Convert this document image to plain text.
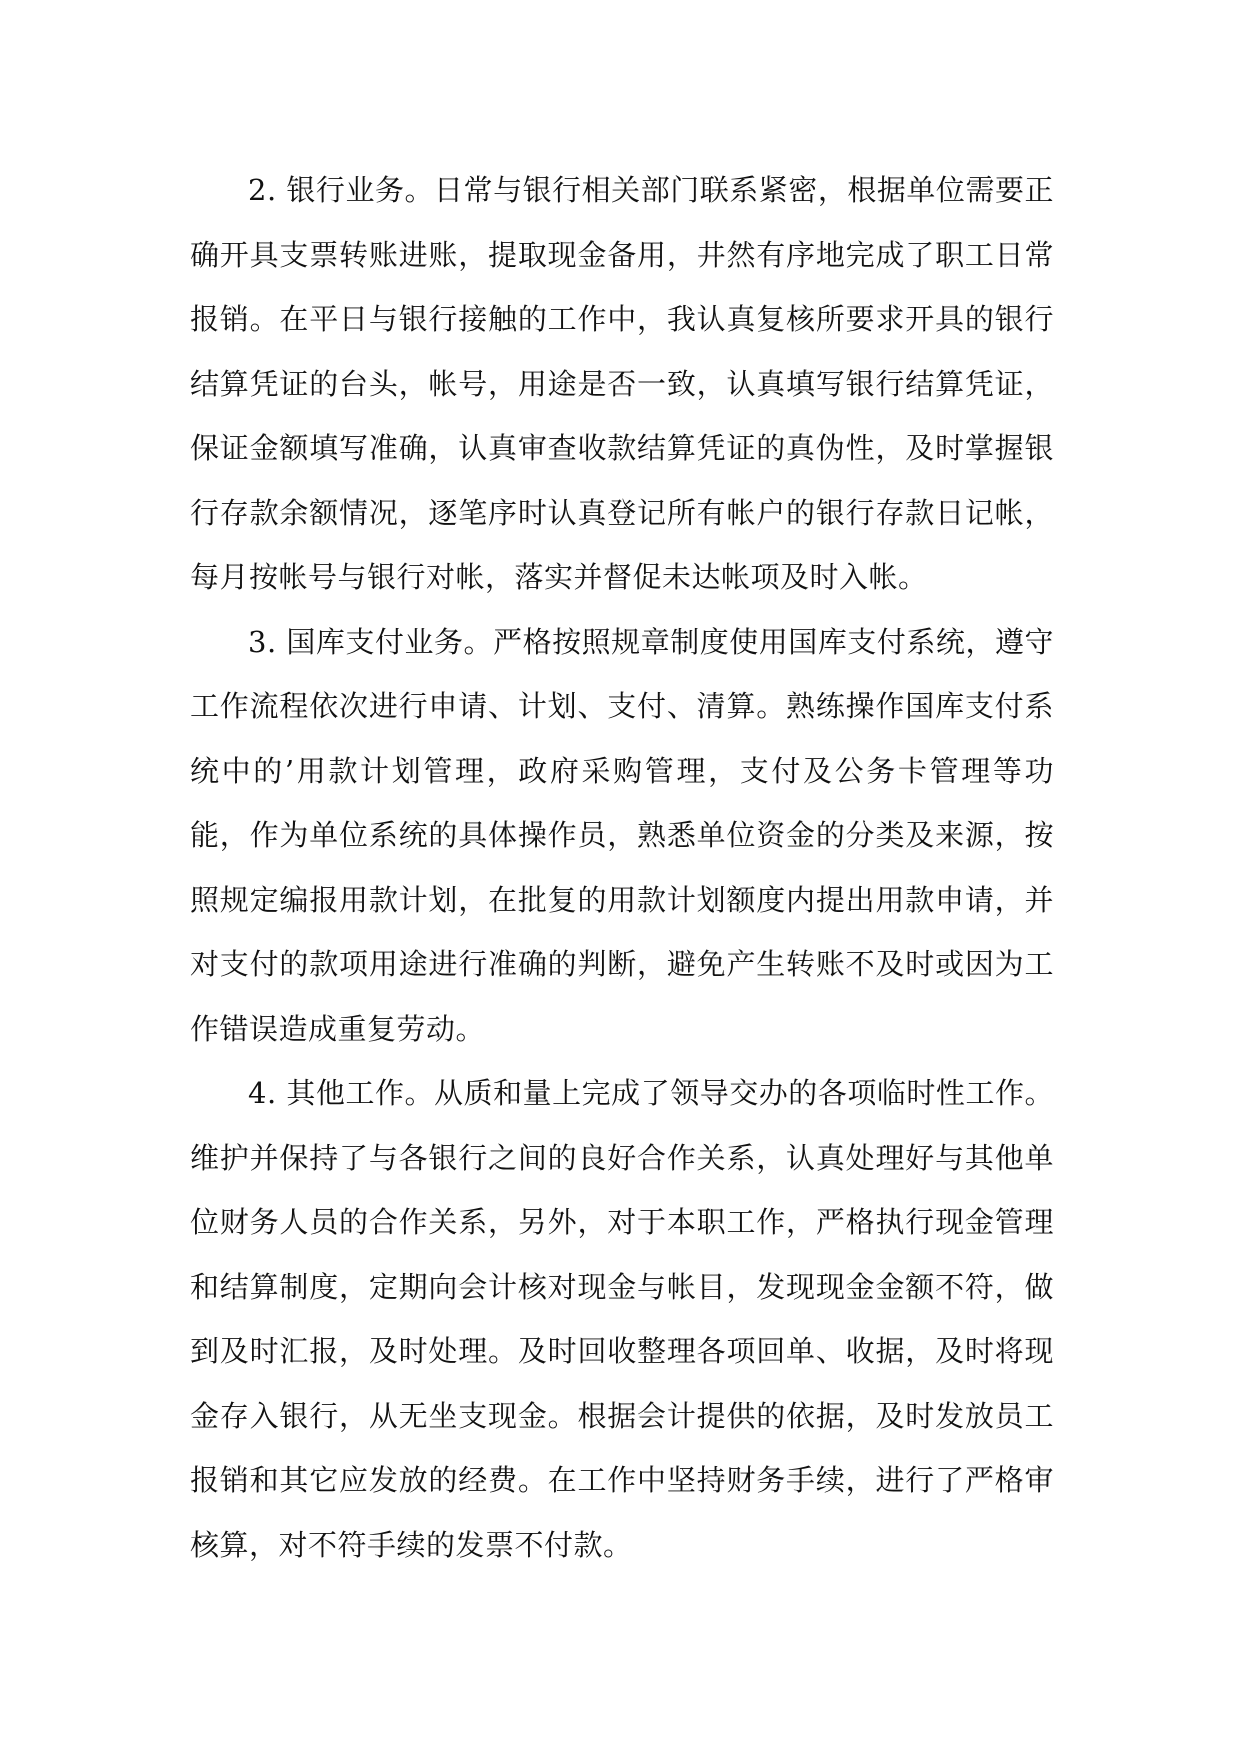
2. 银行业务。日常与银行相关部门联系紧密，根据单位需要正确开具支票转账进账，提取现金备用，井然有序地完成了职工日常报销。在平日与银行接触的工作中，我认真复核所要求开具的银行结算凭证的台头，帐号，用途是否一致，认真填写银行结算凭证，保证金额填写准确，认真审查收款结算凭证的真伪性，及时掌握银行存款余额情况，逐笔序时认真登记所有帐户的银行存款日记帐，每月按帐号与银行对帐，落实并督促未达帐项及时入帐。

3. 国库支付业务。严格按照规章制度使用国库支付系统，遵守工作流程依次进行申请、计划、支付、清算。熟练操作国库支付系统中的’用款计划管理，政府采购管理，支付及公务卡管理等功能，作为单位系统的具体操作员，熟悉单位资金的分类及来源，按照规定编报用款计划，在批复的用款计划额度内提出用款申请，并对支付的款项用途进行准确的判断，避免产生转账不及时或因为工作错误造成重复劳动。

4. 其他工作。从质和量上完成了领导交办的各项临时性工作。维护并保持了与各银行之间的良好合作关系，认真处理好与其他单位财务人员的合作关系，另外，对于本职工作，严格执行现金管理和结算制度，定期向会计核对现金与帐目，发现现金金额不符，做到及时汇报，及时处理。及时回收整理各项回单、收据，及时将现金存入银行，从无坐支现金。根据会计提供的依据，及时发放员工报销和其它应发放的经费。在工作中坚持财务手续，进行了严格审核算，对不符手续的发票不付款。
